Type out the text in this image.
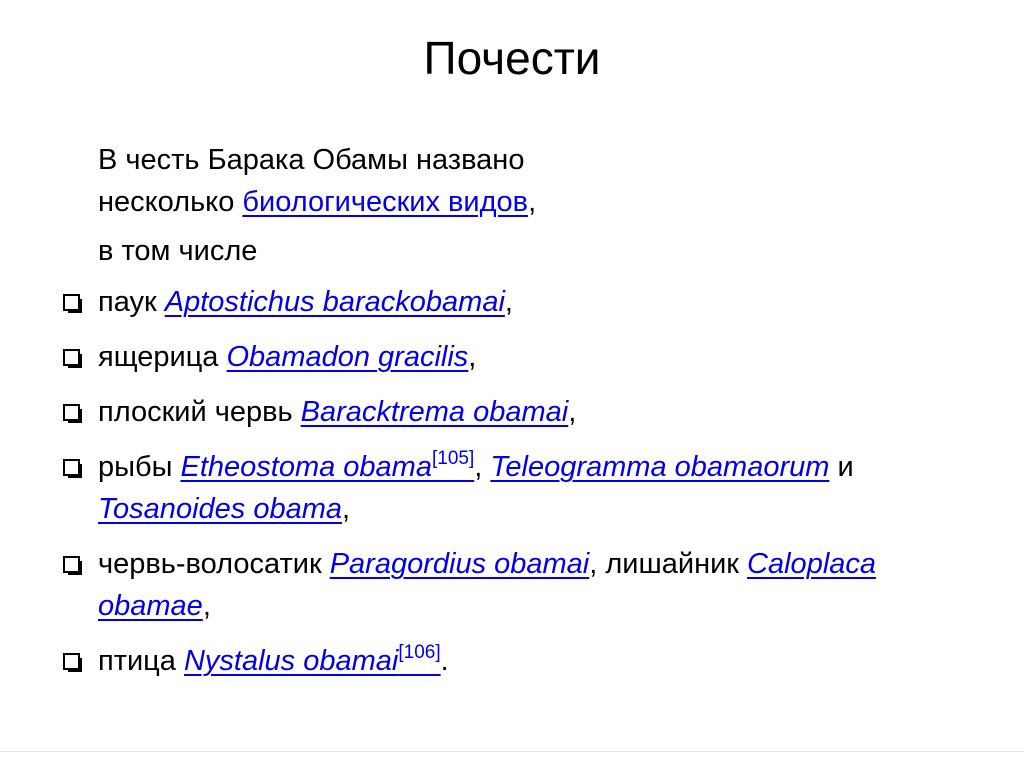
Почести

В честь Барака Обамы названо

несколько биологических видов,

в том числе

паук Aptostichus barackobamai,
ящерица Obamadon gracilis,
плоский червь Baracktrema obamai,
рыбы Etheostoma obama[105], Teleogramma obamaorum и Tosanoides obama,
червь-волосатик Paragordius obamai, лишайник Caloplaca obamae,
птица Nystalus obamai[106].
